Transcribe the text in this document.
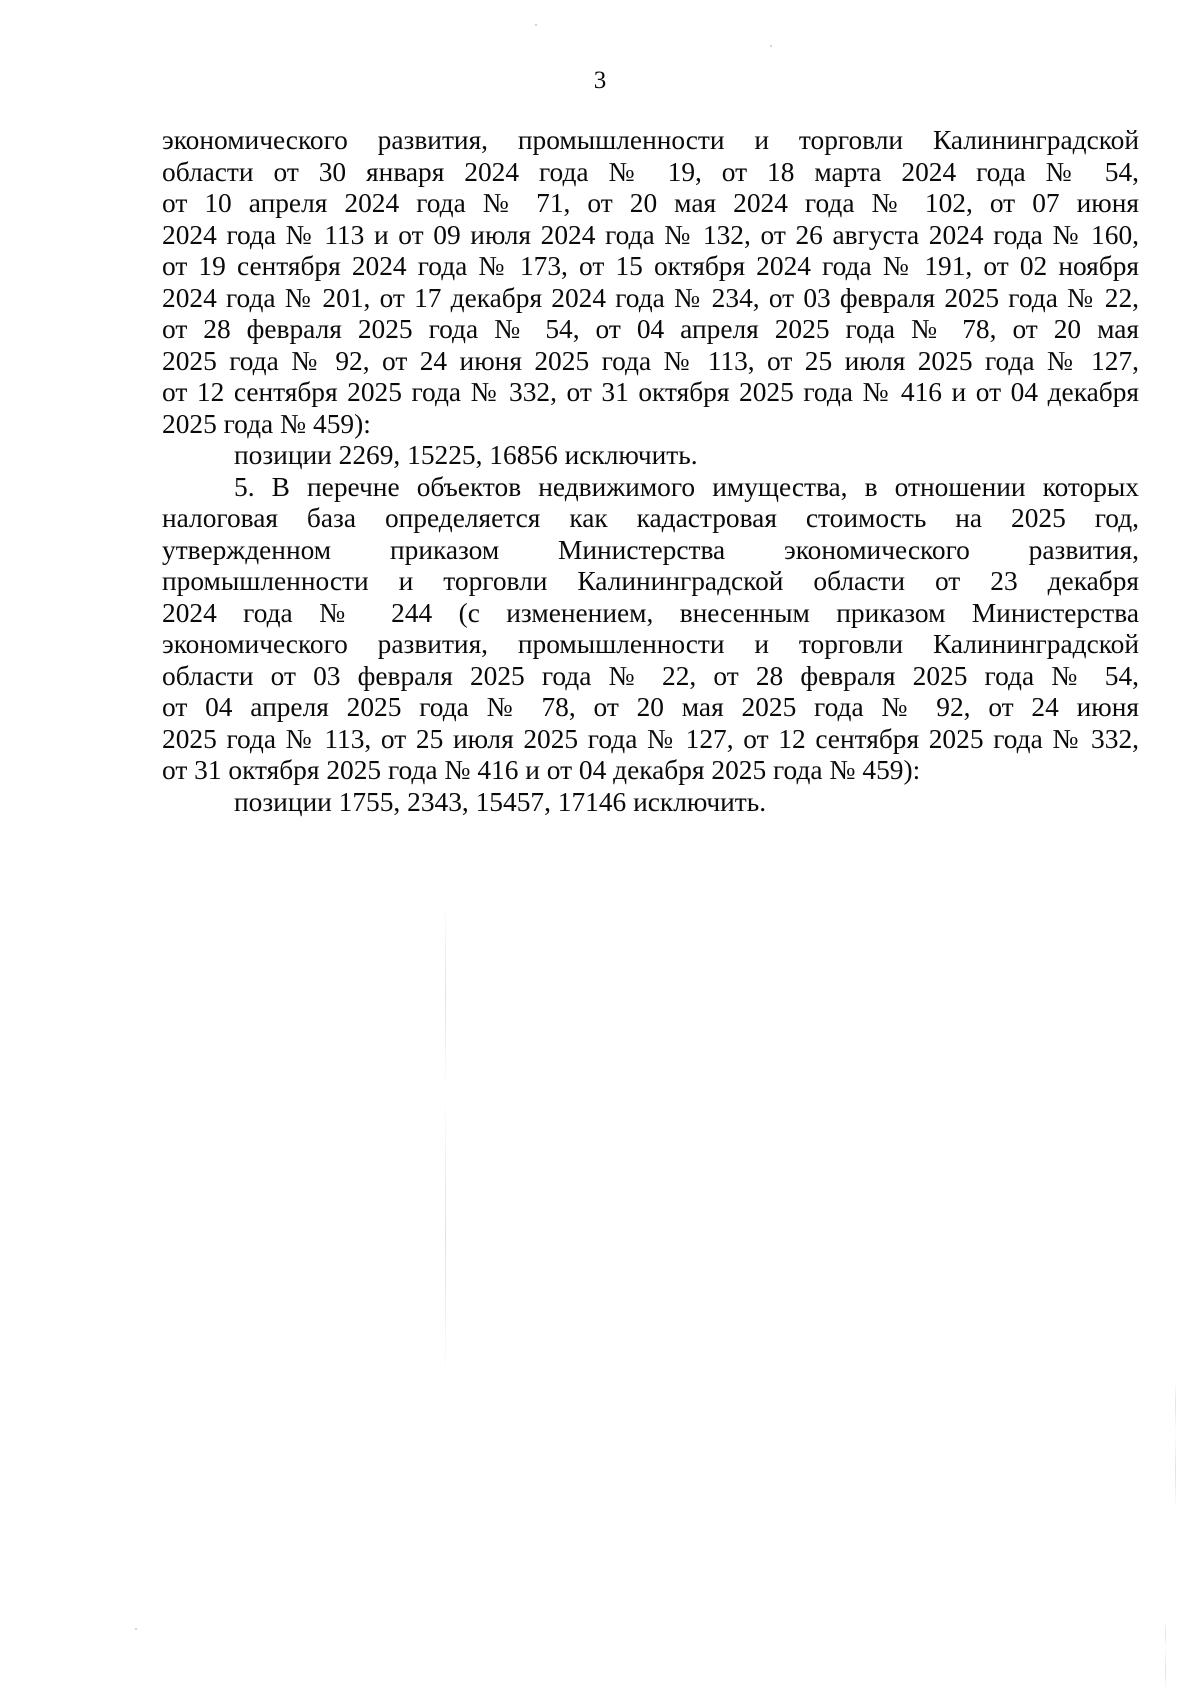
3
экономического развития, промышленности и торговли Калининградской
области от 30 января 2024 года № 19, от 18 марта 2024 года № 54,
от 10 апреля 2024 года № 71, от 20 мая 2024 года № 102, от 07 июня
2024 года № 113 и от 09 июля 2024 года № 132, от 26 августа 2024 года № 160,
от 19 сентября 2024 года № 173, от 15 октября 2024 года № 191, от 02 ноября
2024 года № 201, от 17 декабря 2024 года № 234, от 03 февраля 2025 года № 22,
от 28 февраля 2025 года № 54, от 04 апреля 2025 года № 78, от 20 мая
2025 года № 92, от 24 июня 2025 года № 113, от 25 июля 2025 года № 127,
от 12 сентября 2025 года № 332, от 31 октября 2025 года № 416 и от 04 декабря
2025 года № 459):
позиции 2269, 15225, 16856 исключить.
5. В перечне объектов недвижимого имущества, в отношении которых
налоговая база определяется как кадастровая стоимость на 2025 год,
утвержденном приказом Министерства экономического развития,
промышленности и торговли Калининградской области от 23 декабря
2024 года № 244 (с изменением, внесенным приказом Министерства
экономического развития, промышленности и торговли Калининградской
области от 03 февраля 2025 года № 22, от 28 февраля 2025 года № 54,
от 04 апреля 2025 года № 78, от 20 мая 2025 года № 92, от 24 июня
2025 года № 113, от 25 июля 2025 года № 127, от 12 сентября 2025 года № 332,
от 31 октября 2025 года № 416 и от 04 декабря 2025 года № 459):
позиции 1755, 2343, 15457, 17146 исключить.
